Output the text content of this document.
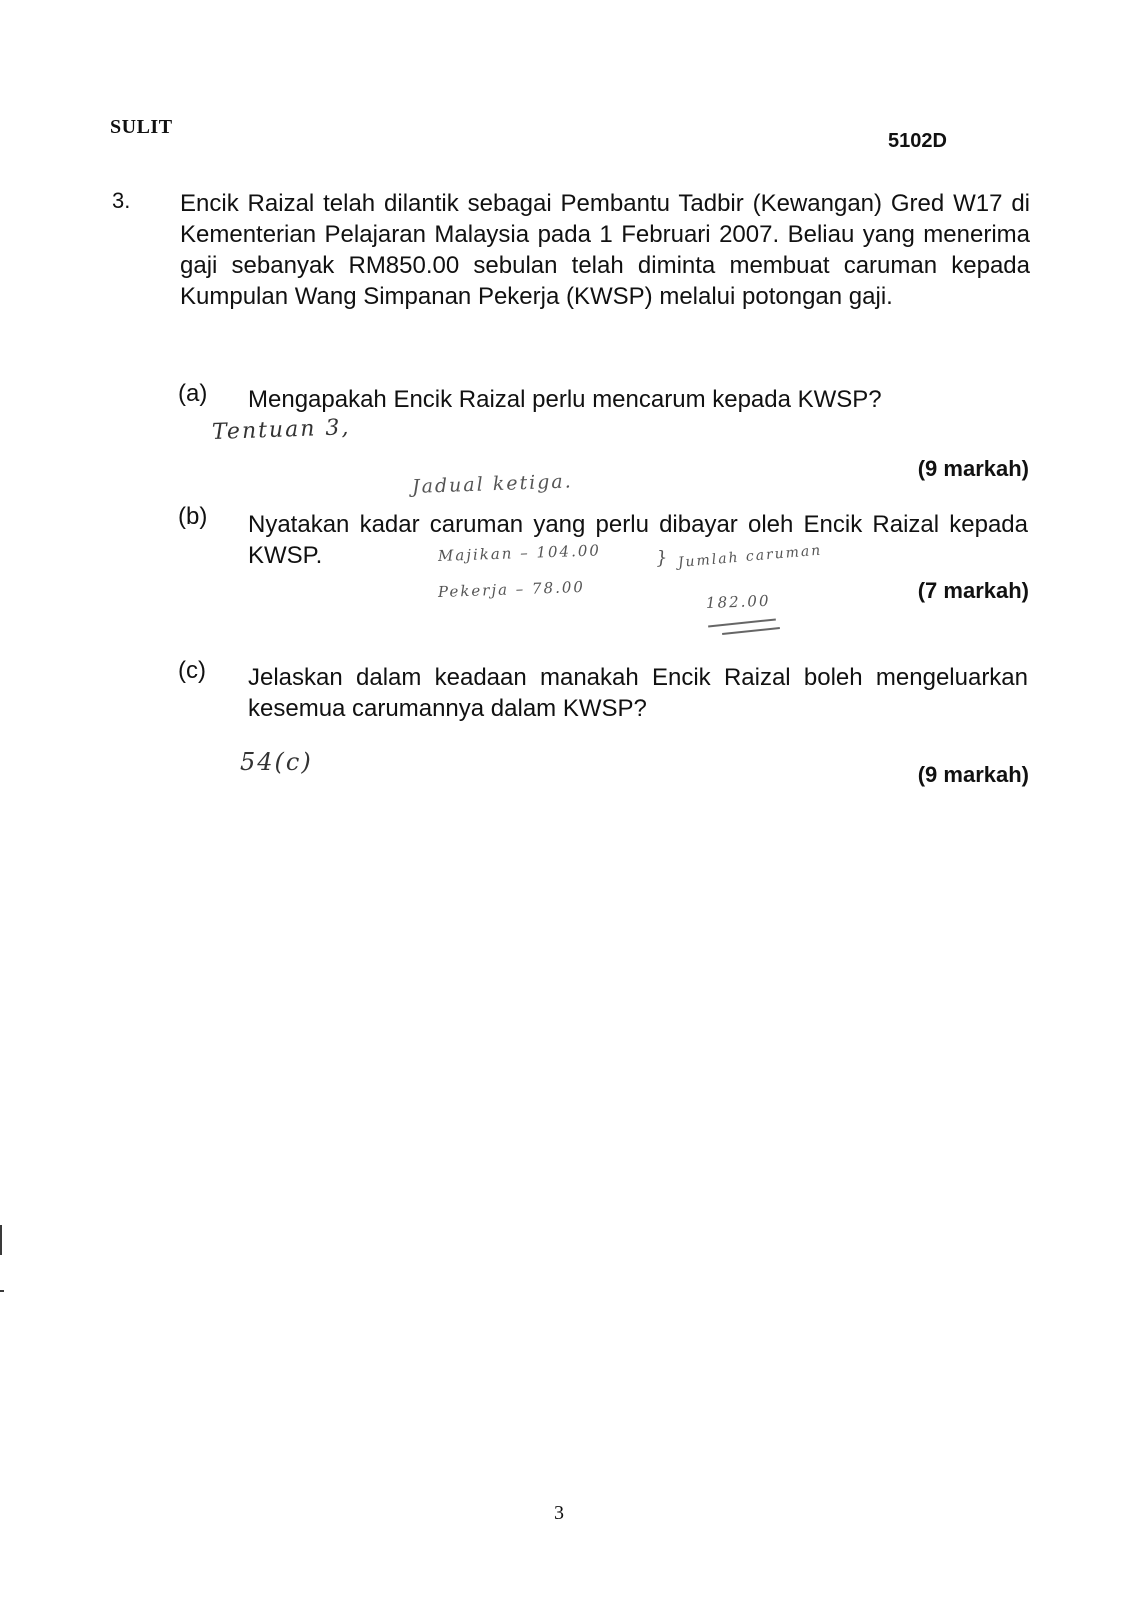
SULIT
5102D
3. Encik Raizal telah dilantik sebagai Pembantu Tadbir (Kewangan) Gred W17 di Kementerian Pelajaran Malaysia pada 1 Februari 2007. Beliau yang menerima gaji sebanyak RM850.00 sebulan telah diminta membuat caruman kepada Kumpulan Wang Simpanan Pekerja (KWSP) melalui potongan gaji.
(a) Mengapakah Encik Raizal perlu mencarum kepada KWSP?
Tentuan 3,
(9 markah)
Jadual ketiga.
(b) Nyatakan kadar caruman yang perlu dibayar oleh Encik Raizal kepada KWSP.	Majikan – 104.00
Pekerja – 78.00
} Jumlah caruman
182.00	(7 markah)
(c) Jelaskan dalam keadaan manakah Encik Raizal boleh mengeluarkan kesemua carumannya dalam KWSP?
54(c)	(9 markah)
3
